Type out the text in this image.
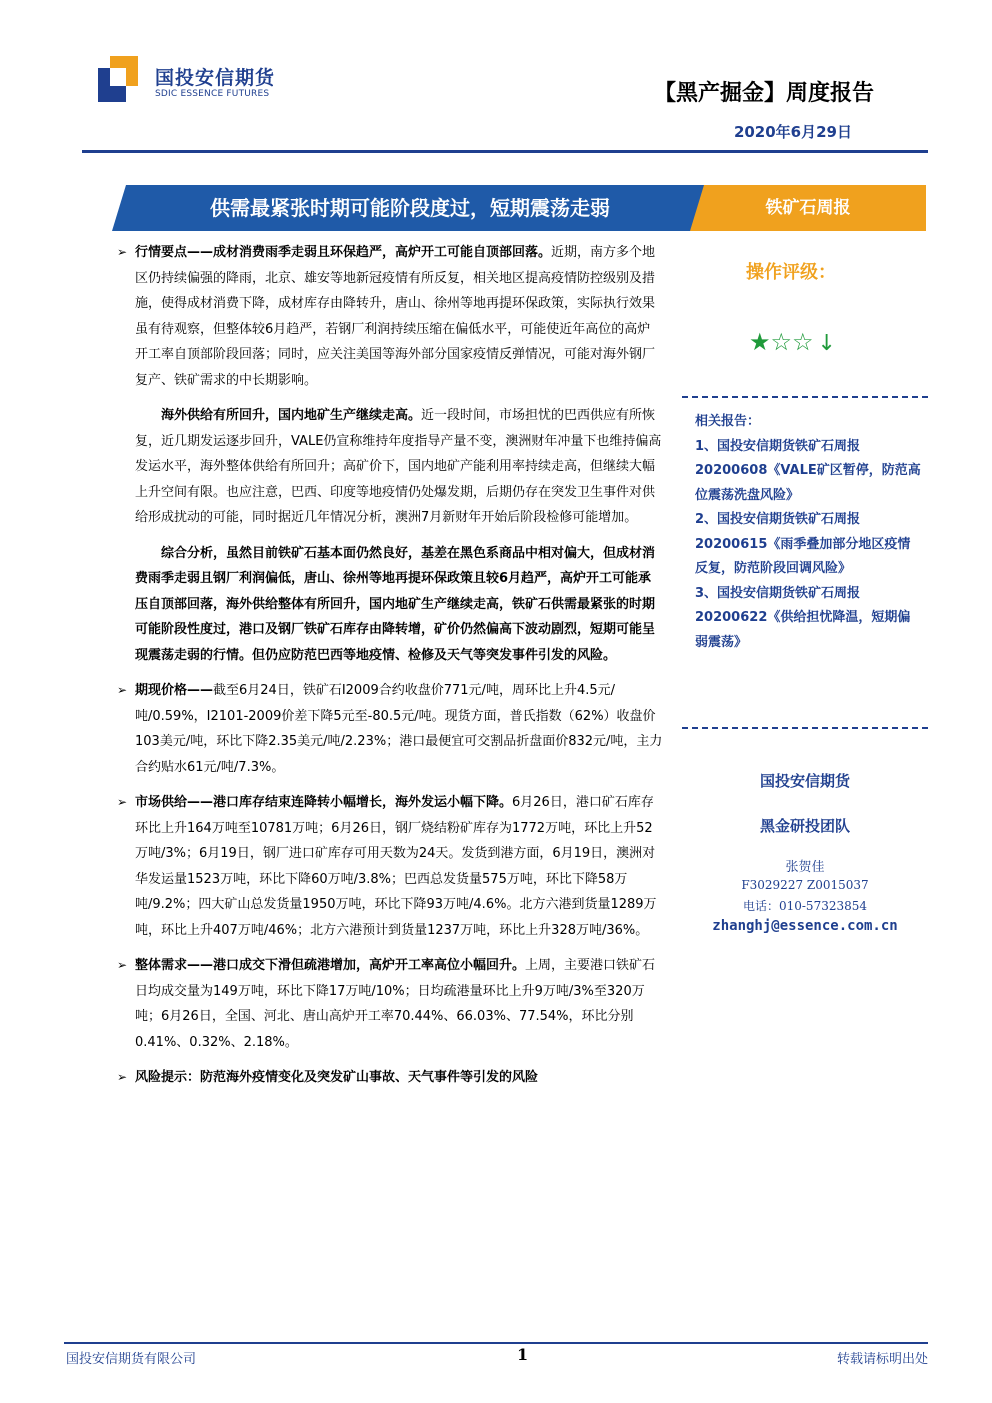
国投安信期货
SDIC ESSENCE FUTURES	【黑产掘金】周度报告
2020年6月29日
供需最紧张时期可能阶段度过，短期震荡走弱	铁矿石周报

➢ 行情要点——成材消费雨季走弱且环保趋严，高炉开工可能自顶部回落。近期，南方多个地区仍持续偏强的降雨，北京、雄安等地新冠疫情有所反复，相关地区提高疫情防控级别及措施，使得成材消费下降，成材库存由降转升，唐山、徐州等地再提环保政策，实际执行效果虽有待观察，但整体较6月趋严，若钢厂利润持续压缩在偏低水平，可能使近年高位的高炉开工率自顶部阶段回落；同时，应关注美国等海外部分国家疫情反弹情况，可能对海外钢厂复产、铁矿需求的中长期影响。

海外供给有所回升，国内地矿生产继续走高。近一段时间，市场担忧的巴西供应有所恢复，近几期发运逐步回升，VALE仍宣称维持年度指导产量不变，澳洲财年冲量下也维持偏高发运水平，海外整体供给有所回升；高矿价下，国内地矿产能利用率持续走高，但继续大幅上升空间有限。也应注意，巴西、印度等地疫情仍处爆发期，后期仍存在突发卫生事件对供给形成扰动的可能，同时据近几年情况分析，澳洲7月新财年开始后阶段检修可能增加。

综合分析，虽然目前铁矿石基本面仍然良好，基差在黑色系商品中相对偏大，但成材消费雨季走弱且钢厂利润偏低，唐山、徐州等地再提环保政策且较6月趋严，高炉开工可能承压自顶部回落，海外供给整体有所回升，国内地矿生产继续走高，铁矿石供需最紧张的时期可能阶段性度过，港口及钢厂铁矿石库存由降转增，矿价仍然偏高下波动剧烈，短期可能呈现震荡走弱的行情。但仍应防范巴西等地疫情、检修及天气等突发事件引发的风险。

➢ 期现价格——截至6月24日，铁矿石I2009合约收盘价771元/吨，周环比上升4.5元/吨/0.59%，I2101-2009价差下降5元至-80.5元/吨。现货方面，普氏指数（62%）收盘价103美元/吨，环比下降2.35美元/吨/2.23%；港口最便宜可交割品折盘面价832元/吨，主力合约贴水61元/吨/7.3%。

➢ 市场供给——港口库存结束连降转小幅增长，海外发运小幅下降。6月26日，港口矿石库存环比上升164万吨至10781万吨；6月26日，钢厂烧结粉矿库存为1772万吨，环比上升52万吨/3%；6月19日，钢厂进口矿库存可用天数为24天。发货到港方面，6月19日，澳洲对华发运量1523万吨，环比下降60万吨/3.8%；巴西总发货量575万吨，环比下降58万吨/9.2%；四大矿山总发货量1950万吨，环比下降93万吨/4.6%。北方六港到货量1289万吨，环比上升407万吨/46%；北方六港预计到货量1237万吨，环比上升328万吨/36%。

➢ 整体需求——港口成交下滑但疏港增加，高炉开工率高位小幅回升。上周，主要港口铁矿石日均成交量为149万吨，环比下降17万吨/10%；日均疏港量环比上升9万吨/3%至320万吨；6月26日，全国、河北、唐山高炉开工率70.44%、66.03%、77.54%，环比分别0.41%、0.32%、2.18%。

➢ 风险提示：防范海外疫情变化及突发矿山事故、天气事件等引发的风险

操作评级：
★☆☆ ↓

相关报告：

1、国投安信期货铁矿石周报20200608《VALE矿区暂停，防范高位震荡洗盘风险》

2、国投安信期货铁矿石周报20200615《雨季叠加部分地区疫情反复，防范阶段回调风险》

3、国投安信期货铁矿石周报20200622《供给担忧降温，短期偏弱震荡》

国投安信期货
黑金研投团队
张贺佳
F3029227 Z0015037
电话：010-57323854
zhanghj@essence.com.cn
国投安信期货有限公司	1	转载请标明出处
